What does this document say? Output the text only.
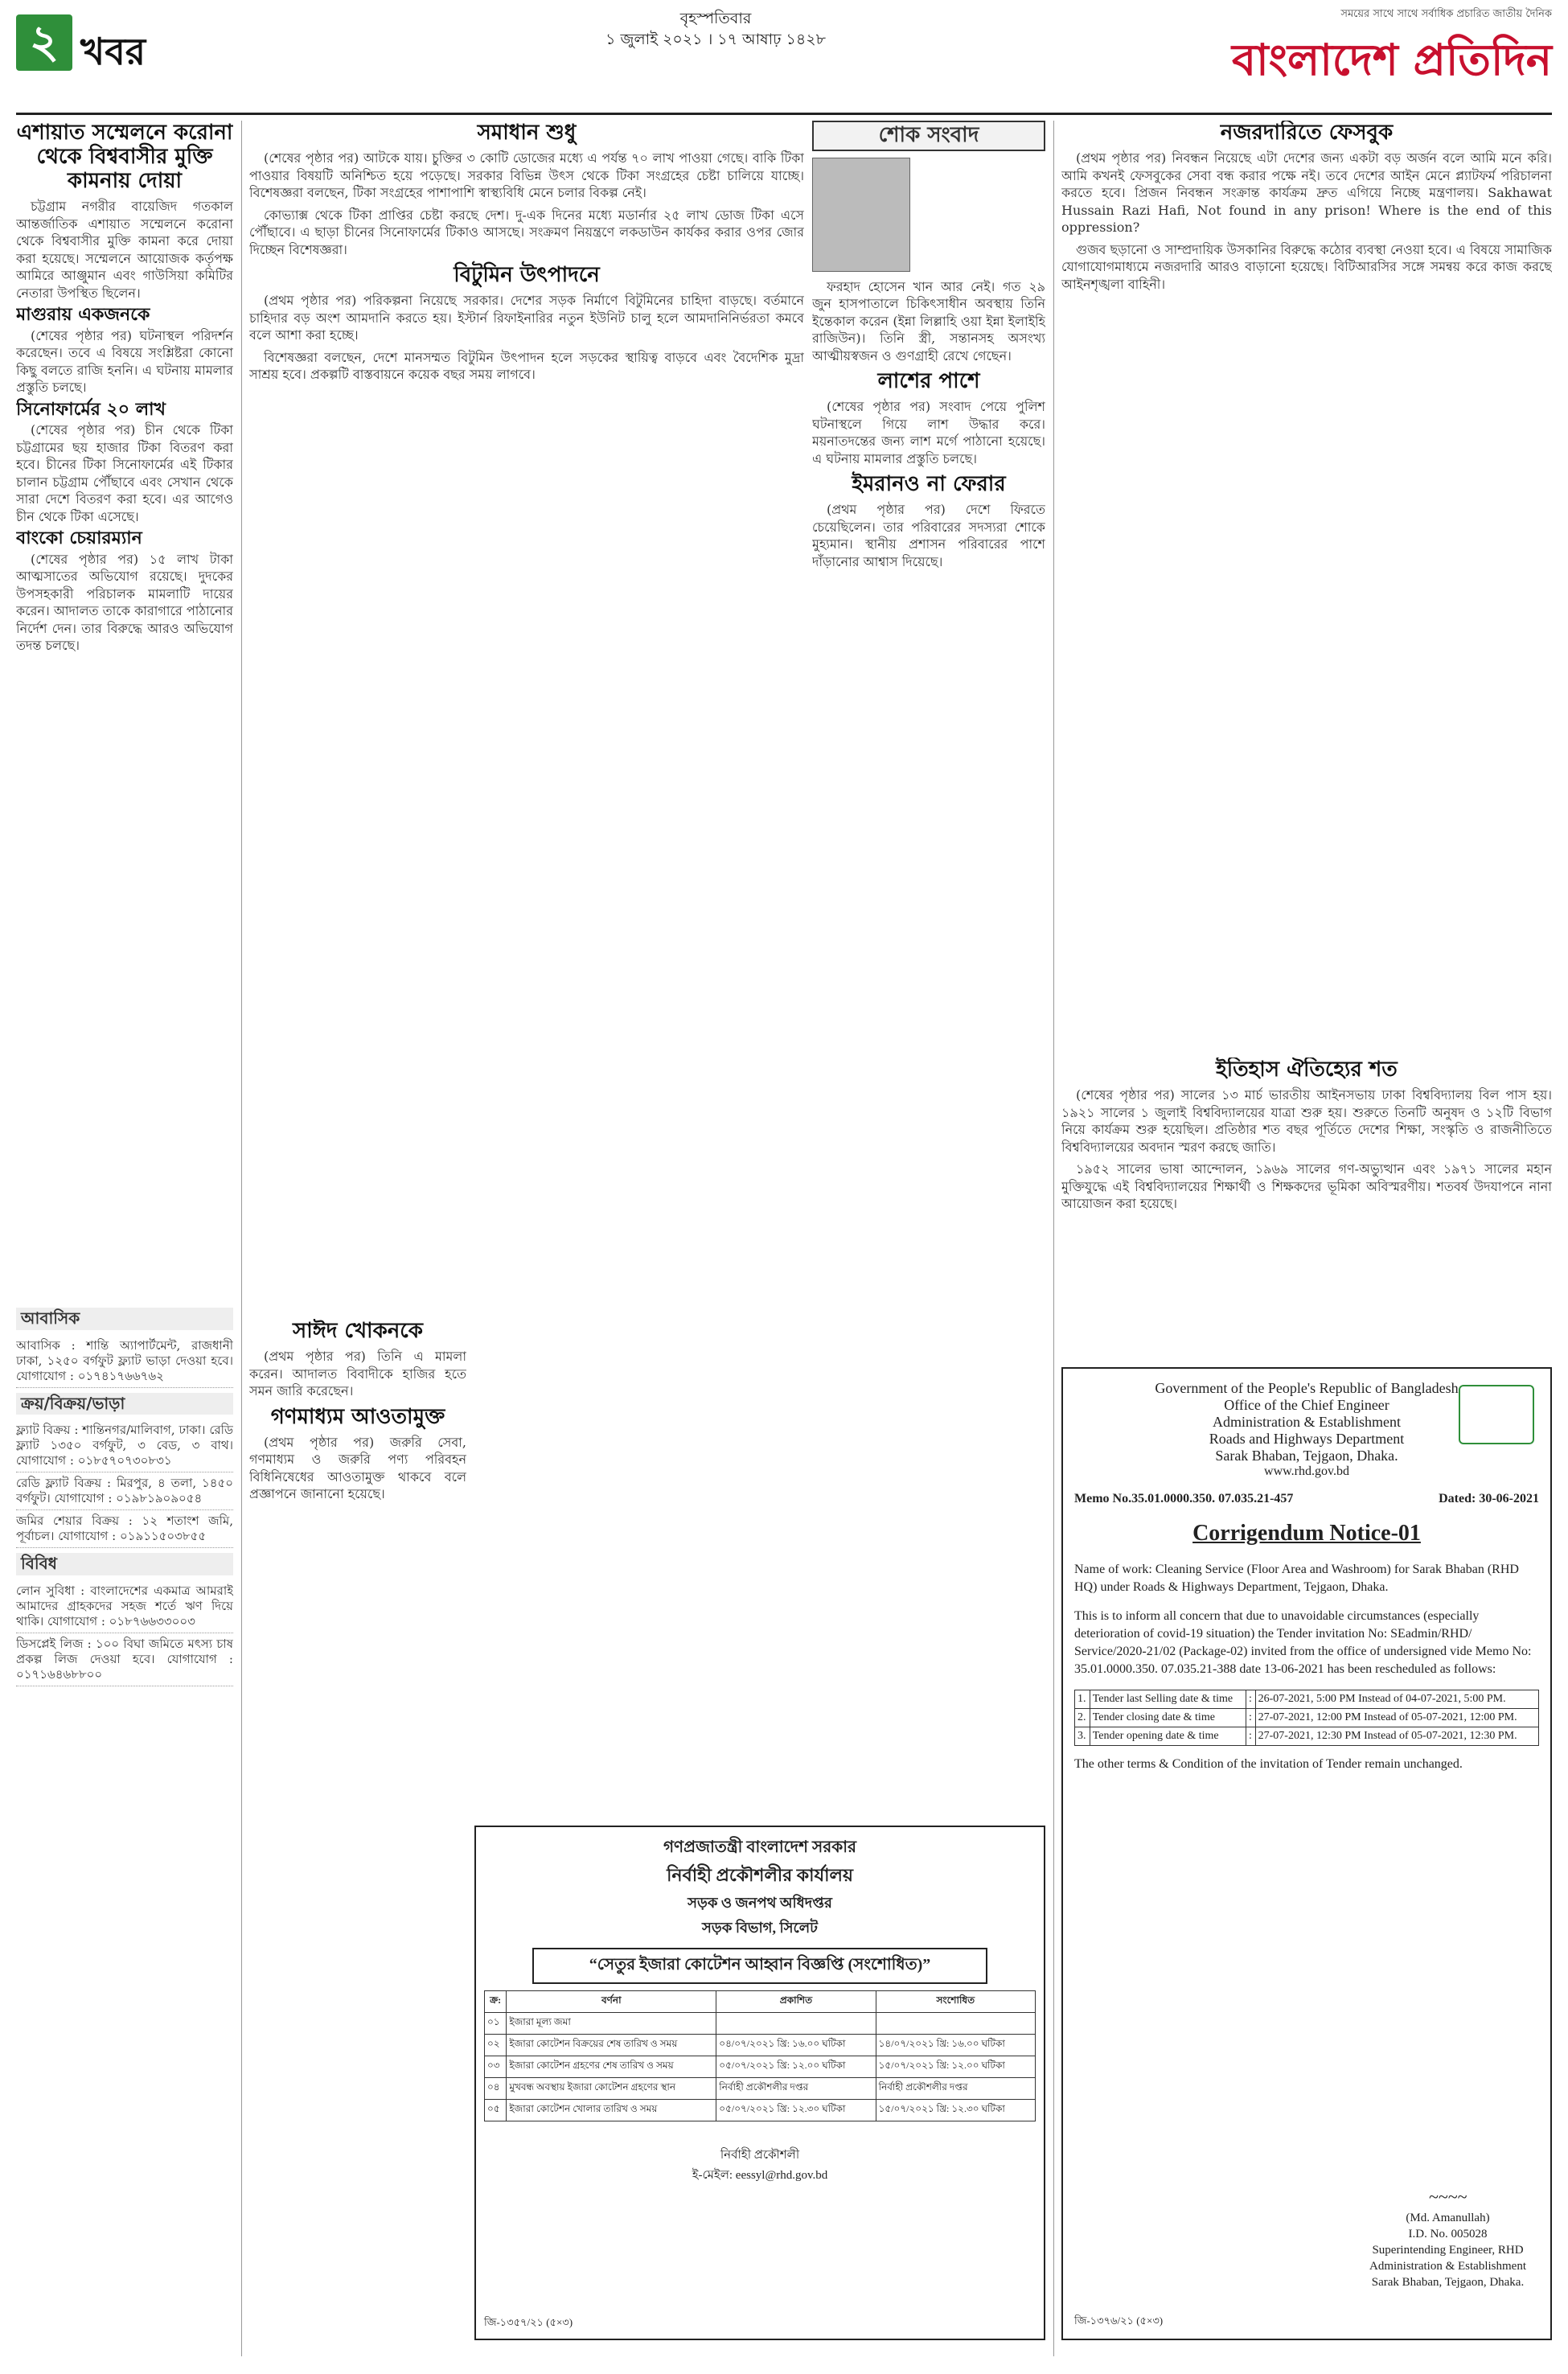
২ খবর
বৃহস্পতিবার
১ জুলাই ২০২১ । ১৭ আষাঢ় ১৪২৮
সময়ের সাথে সাথে সর্বাধিক প্রচারিত জাতীয় দৈনিক
বাংলাদেশ প্রতিদিন
এশায়াত সম্মেলনে করোনা থেকে বিশ্ববাসীর মুক্তি কামনায় দোয়া

চট্টগ্রাম নগরীর বায়েজিদ গতকাল আন্তর্জাতিক এশায়াত সম্মেলনে করোনা থেকে বিশ্ববাসীর মুক্তি কামনা করে দোয়া করা হয়েছে। সম্মেলনে আয়োজক কর্তৃপক্ষ আমিরে আঞ্জুমান এবং গাউসিয়া কমিটির নেতারা উপস্থিত ছিলেন।

মাগুরায় একজনকে

(শেষের পৃষ্ঠার পর) ঘটনাস্থল পরিদর্শন করেছেন। তবে এ বিষয়ে সংশ্লিষ্টরা কোনো কিছু বলতে রাজি হননি। এ ঘটনায় মামলার প্রস্তুতি চলছে।

সিনোফার্মের ২০ লাখ

(শেষের পৃষ্ঠার পর) চীন থেকে টিকা চট্টগ্রামের ছয় হাজার টিকা বিতরণ করা হবে। চীনের টিকা সিনোফার্মের এই টিকার চালান চট্টগ্রাম পৌঁছাবে এবং সেখান থেকে সারা দেশে বিতরণ করা হবে। এর আগেও চীন থেকে টিকা এসেছে।

বাংকো চেয়ারম্যান

(শেষের পৃষ্ঠার পর) ১৫ লাখ টাকা আত্মসাতের অভিযোগ রয়েছে। দুদকের উপসহকারী পরিচালক মামলাটি দায়ের করেন। আদালত তাকে কারাগারে পাঠানোর নির্দেশ দেন। তার বিরুদ্ধে আরও অভিযোগ তদন্ত চলছে।

আবাসিক
আবাসিক : শান্তি অ্যাপার্টমেন্ট, রাজধানী ঢাকা, ১২৫০ বর্গফুট ফ্ল্যাট ভাড়া দেওয়া হবে। যোগাযোগ : ০১৭৪১৭৬৬৭৬২
ক্রয়/বিক্রয়/ভাড়া
ফ্ল্যাট বিক্রয় : শান্তিনগর/মালিবাগ, ঢাকা। রেডি ফ্ল্যাট ১৩৫০ বর্গফুট, ৩ বেড, ৩ বাথ। যোগাযোগ : ০১৮৫৭০৭৩০৮৩১
রেডি ফ্ল্যাট বিক্রয় : মিরপুর, ৪ তলা, ১৪৫০ বর্গফুট। যোগাযোগ : ০১৯৮১৯০৯০৫৪
জমির শেয়ার বিক্রয় : ১২ শতাংশ জমি, পূর্বাচল। যোগাযোগ : ০১৯১১৫০৩৮৫৫
বিবিধ
লোন সুবিধা : বাংলাদেশের একমাত্র আমরাই আমাদের গ্রাহকদের সহজ শর্তে ঋণ দিয়ে থাকি। যোগাযোগ : ০১৮৭৬৬৩৩০০৩
ডিসপ্লেই লিজ : ১০০ বিঘা জমিতে মৎস্য চাষ প্রকল্প লিজ দেওয়া হবে। যোগাযোগ : ০১৭১৬৪৬৮৮০০
সমাধান শুধু

(শেষের পৃষ্ঠার পর) আটকে যায়। চুক্তির ৩ কোটি ডোজের মধ্যে এ পর্যন্ত ৭০ লাখ পাওয়া গেছে। বাকি টিকা পাওয়ার বিষয়টি অনিশ্চিত হয়ে পড়েছে। সরকার বিভিন্ন উৎস থেকে টিকা সংগ্রহের চেষ্টা চালিয়ে যাচ্ছে। বিশেষজ্ঞরা বলছেন, টিকা সংগ্রহের পাশাপাশি স্বাস্থ্যবিধি মেনে চলার বিকল্প নেই।

কোভ্যাক্স থেকে টিকা প্রাপ্তির চেষ্টা করছে দেশ। দু-এক দিনের মধ্যে মডার্নার ২৫ লাখ ডোজ টিকা এসে পৌঁছাবে। এ ছাড়া চীনের সিনোফার্মের টিকাও আসছে। সংক্রমণ নিয়ন্ত্রণে লকডাউন কার্যকর করার ওপর জোর দিচ্ছেন বিশেষজ্ঞরা।

বিটুমিন উৎপাদনে

(প্রথম পৃষ্ঠার পর) পরিকল্পনা নিয়েছে সরকার। দেশের সড়ক নির্মাণে বিটুমিনের চাহিদা বাড়ছে। বর্তমানে চাহিদার বড় অংশ আমদানি করতে হয়। ইস্টার্ন রিফাইনারির নতুন ইউনিট চালু হলে আমদানিনির্ভরতা কমবে বলে আশা করা হচ্ছে।

বিশেষজ্ঞরা বলছেন, দেশে মানসম্মত বিটুমিন উৎপাদন হলে সড়কের স্থায়িত্ব বাড়বে এবং বৈদেশিক মুদ্রা সাশ্রয় হবে। প্রকল্পটি বাস্তবায়নে কয়েক বছর সময় লাগবে।

সাঈদ খোকনকে

(প্রথম পৃষ্ঠার পর) তিনি এ মামলা করেন। আদালত বিবাদীকে হাজির হতে সমন জারি করেছেন।

গণমাধ্যম আওতামুক্ত

(প্রথম পৃষ্ঠার পর) জরুরি সেবা, গণমাধ্যম ও জরুরি পণ্য পরিবহন বিধিনিষেধের আওতামুক্ত থাকবে বলে প্রজ্ঞাপনে জানানো হয়েছে।

শোক সংবাদ

ফরহাদ হোসেন খান আর নেই। গত ২৯ জুন হাসপাতালে চিকিৎসাধীন অবস্থায় তিনি ইন্তেকাল করেন (ইন্না লিল্লাহি ওয়া ইন্না ইলাইহি রাজিউন)। তিনি স্ত্রী, সন্তানসহ অসংখ্য আত্মীয়স্বজন ও গুণগ্রাহী রেখে গেছেন।

লাশের পাশে

(শেষের পৃষ্ঠার পর) সংবাদ পেয়ে পুলিশ ঘটনাস্থলে গিয়ে লাশ উদ্ধার করে। ময়নাতদন্তের জন্য লাশ মর্গে পাঠানো হয়েছে। এ ঘটনায় মামলার প্রস্তুতি চলছে।

ইমরানও না ফেরার

(প্রথম পৃষ্ঠার পর) দেশে ফিরতে চেয়েছিলেন। তার পরিবারের সদস্যরা শোকে মুহ্যমান। স্থানীয় প্রশাসন পরিবারের পাশে দাঁড়ানোর আশ্বাস দিয়েছে।

নজরদারিতে ফেসবুক

(প্রথম পৃষ্ঠার পর) নিবন্ধন নিয়েছে এটা দেশের জন্য একটা বড় অর্জন বলে আমি মনে করি। আমি কখনই ফেসবুকের সেবা বন্ধ করার পক্ষে নই। তবে দেশের আইন মেনে প্ল্যাটফর্ম পরিচালনা করতে হবে। প্রিজন নিবন্ধন সংক্রান্ত কার্যক্রম দ্রুত এগিয়ে নিচ্ছে মন্ত্রণালয়। Sakhawat Hussain Razi Hafi, Not found in any prison! Where is the end of this oppression?

গুজব ছড়ানো ও সাম্প্রদায়িক উসকানির বিরুদ্ধে কঠোর ব্যবস্থা নেওয়া হবে। এ বিষয়ে সামাজিক যোগাযোগমাধ্যমে নজরদারি আরও বাড়ানো হয়েছে। বিটিআরসির সঙ্গে সমন্বয় করে কাজ করছে আইনশৃঙ্খলা বাহিনী।

ইতিহাস ঐতিহ্যের শত

(শেষের পৃষ্ঠার পর) সালের ১৩ মার্চ ভারতীয় আইনসভায় ঢাকা বিশ্ববিদ্যালয় বিল পাস হয়। ১৯২১ সালের ১ জুলাই বিশ্ববিদ্যালয়ের যাত্রা শুরু হয়। শুরুতে তিনটি অনুষদ ও ১২টি বিভাগ নিয়ে কার্যক্রম শুরু হয়েছিল। প্রতিষ্ঠার শত বছর পূর্তিতে দেশের শিক্ষা, সংস্কৃতি ও রাজনীতিতে বিশ্ববিদ্যালয়ের অবদান স্মরণ করছে জাতি।

১৯৫২ সালের ভাষা আন্দোলন, ১৯৬৯ সালের গণ-অভ্যুত্থান এবং ১৯৭১ সালের মহান মুক্তিযুদ্ধে এই বিশ্ববিদ্যালয়ের শিক্ষার্থী ও শিক্ষকদের ভূমিকা অবিস্মরণীয়। শতবর্ষ উদযাপনে নানা আয়োজন করা হয়েছে।

গণপ্রজাতন্ত্রী বাংলাদেশ সরকার
নির্বাহী প্রকৌশলীর কার্যালয়
সড়ক ও জনপথ অধিদপ্তর
সড়ক বিভাগ, সিলেট
“সেতুর ইজারা কোটেশন আহ্বান বিজ্ঞপ্তি (সংশোধিত)”
ক্র:	বর্ণনা	প্রকাশিত	সংশোধিত
০১	ইজারা মূল্য জমা		
০২	ইজারা কোটেশন বিক্রয়ের শেষ তারিখ ও সময়	০৪/০৭/২০২১ খ্রি: ১৬.০০ ঘটিকা	১৪/০৭/২০২১ খ্রি: ১৬.০০ ঘটিকা
০৩	ইজারা কোটেশন গ্রহণের শেষ তারিখ ও সময়	০৫/০৭/২০২১ খ্রি: ১২.০০ ঘটিকা	১৫/০৭/২০২১ খ্রি: ১২.০০ ঘটিকা
০৪	মুখবন্ধ অবস্থায় ইজারা কোটেশন গ্রহণের স্থান	নির্বাহী প্রকৌশলীর দপ্তর	নির্বাহী প্রকৌশলীর দপ্তর
০৫	ইজারা কোটেশন খোলার তারিখ ও সময়	০৫/০৭/২০২১ খ্রি: ১২.৩০ ঘটিকা	১৫/০৭/২০২১ খ্রি: ১২.৩০ ঘটিকা
নির্বাহী প্রকৌশলী
ই-মেইল: eessyl@rhd.gov.bd
জি-১৩৫৭/২১ (৫×৩)
Government of the People's Republic of Bangladesh
Office of the Chief Engineer
Administration & Establishment
Roads and Highways Department
Sarak Bhaban, Tejgaon, Dhaka.
www.rhd.gov.bd
Memo No.35.01.0000.350. 07.035.21-457	Dated: 30-06-2021
Corrigendum Notice-01
Name of work: Cleaning Service (Floor Area and Washroom) for Sarak Bhaban (RHD HQ) under Roads & Highways Department, Tejgaon, Dhaka.
This is to inform all concern that due to unavoidable circumstances (especially deterioration of covid-19 situation) the Tender invitation No: SEadmin/RHD/ Service/2020-21/02 (Package-02) invited from the office of undersigned vide Memo No: 35.01.0000.350. 07.035.21-388 date 13-06-2021 has been rescheduled as follows:
1.	Tender last Selling date & time	:	26-07-2021, 5:00 PM Instead of 04-07-2021, 5:00 PM.
2.	Tender closing date & time	:	27-07-2021, 12:00 PM Instead of 05-07-2021, 12:00 PM.
3.	Tender opening date & time	:	27-07-2021, 12:30 PM Instead of 05-07-2021, 12:30 PM.
The other terms & Condition of the invitation of Tender remain unchanged.
~~~~
(Md. Amanullah)
I.D. No. 005028
Superintending Engineer, RHD
Administration & Establishment
Sarak Bhaban, Tejgaon, Dhaka.
জি-১৩৭৬/২১ (৫×৩)
